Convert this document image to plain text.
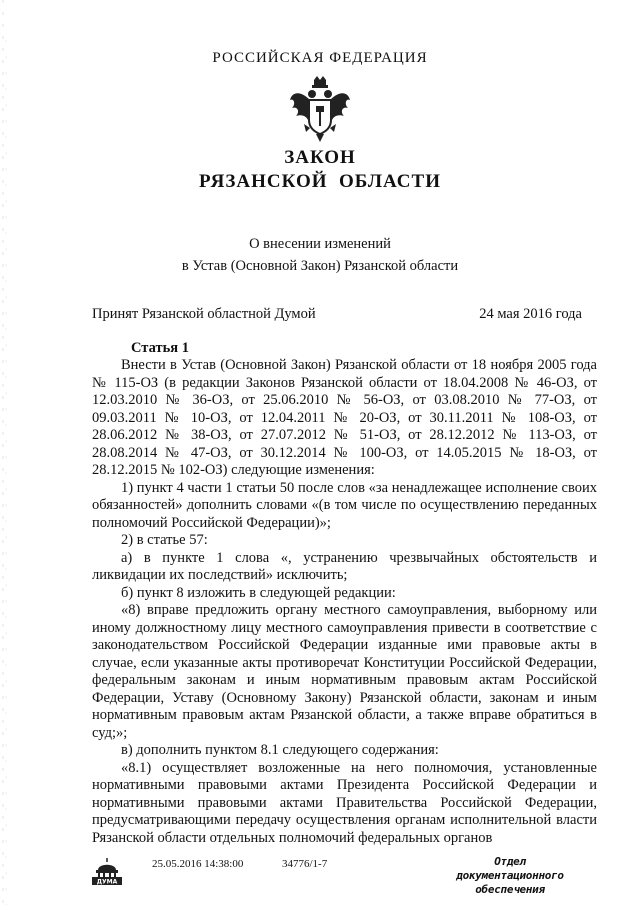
РОССИЙСКАЯ ФЕДЕРАЦИЯ
ЗАКОН
РЯЗАНСКОЙ  ОБЛАСТИ
О внесении изменений
в Устав (Основной Закон) Рязанской области
Принят Рязанской областной Думой	24 мая 2016 года
Статья 1

Внести в Устав (Основной Закон) Рязанской области от 18 ноября 2005 года № 115-ОЗ (в редакции Законов Рязанской области от 18.04.2008 № 46-ОЗ, от 12.03.2010 № 36-ОЗ, от 25.06.2010 № 56-ОЗ, от 03.08.2010 № 77-ОЗ, от 09.03.2011 № 10-ОЗ, от 12.04.2011 № 20-ОЗ, от 30.11.2011 № 108-ОЗ, от 28.06.2012 № 38-ОЗ, от 27.07.2012 № 51-ОЗ, от 28.12.2012 № 113-ОЗ, от 28.08.2014 № 47-ОЗ, от 30.12.2014 № 100-ОЗ, от 14.05.2015 № 18-ОЗ, от 28.12.2015 № 102-ОЗ) следующие изменения:

1) пункт 4 части 1 статьи 50 после слов «за ненадлежащее исполнение своих обязанностей» дополнить словами «(в том числе по осуществлению переданных полномочий Российской Федерации)»;

2) в статье 57:

а) в пункте 1 слова «, устранению чрезвычайных обстоятельств и ликвидации их последствий» исключить;

б) пункт 8 изложить в следующей редакции:

«8) вправе предложить органу местного самоуправления, выборному или иному должностному лицу местного самоуправления привести в соответствие с законодательством Российской Федерации изданные ими правовые акты в случае, если указанные акты противоречат Конституции Российской Федерации, федеральным законам и иным нормативным правовым актам Российской Федерации, Уставу (Основному Закону) Рязанской области, законам и иным нормативным правовым актам Рязанской области, а также вправе обратиться в суд;»;

в) дополнить пунктом 8.1 следующего содержания:

«8.1) осуществляет возложенные на него полномочия, установленные нормативными правовыми актами Президента Российской Федерации и нормативными правовыми актами Правительства Российской Федерации, предусматривающими передачу осуществления органам исполнительной власти Рязанской области отдельных полномочий федеральных органов

ДУМА
25.05.2016 14:38:00	34776/1-7	Отдел документационного
обеспечения
